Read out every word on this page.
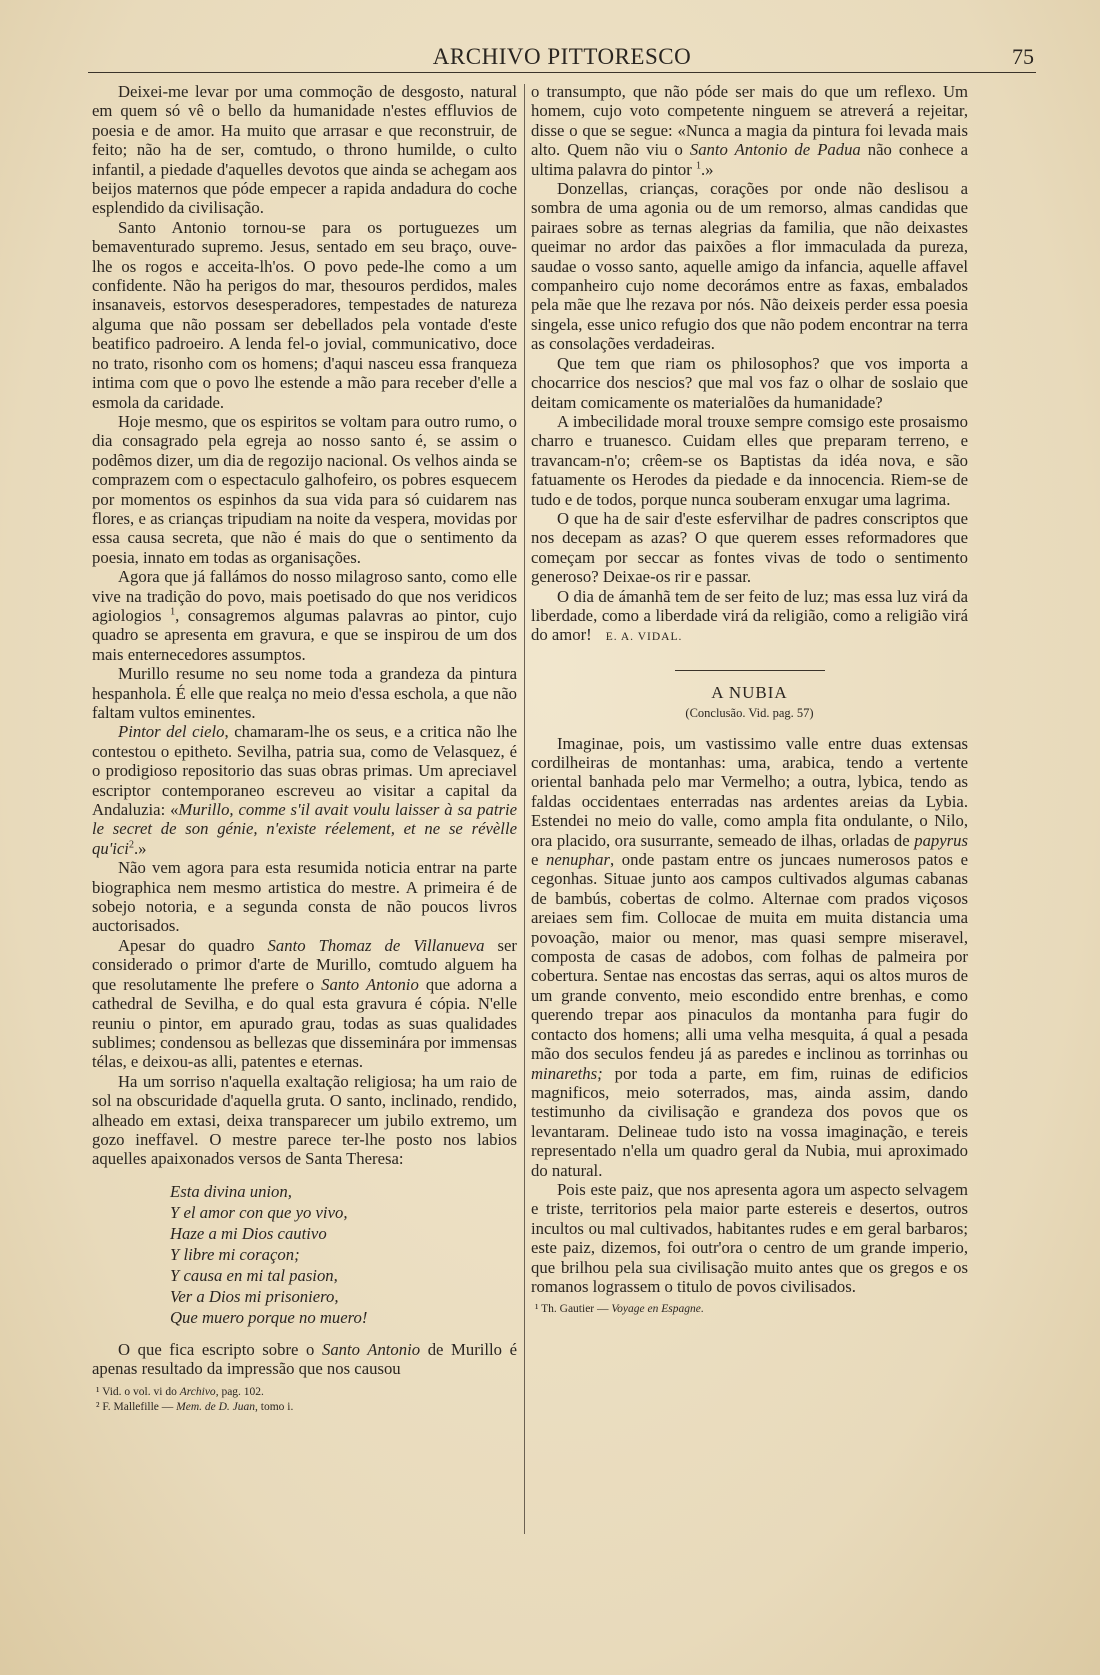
ARCHIVO PITTORESCO	75

Deixei-me levar por uma commoção de desgosto, natural em quem só vê o bello da humanidade n'estes effluvios de poesia e de amor. Ha muito que arrasar e que reconstruir, de feito; não ha de ser, comtudo, o throno humilde, o culto infantil, a piedade d'aquelles devotos que ainda se achegam aos beijos maternos que póde empecer a rapida andadura do coche esplendido da civilisação.

Santo Antonio tornou-se para os portuguezes um bemaventurado supremo. Jesus, sentado em seu braço, ouve-lhe os rogos e acceita-lh'os. O povo pede-lhe como a um confidente. Não ha perigos do mar, thesouros perdidos, males insanaveis, estorvos desesperadores, tempestades de natureza alguma que não possam ser debellados pela vontade d'este beatifico padroeiro. A lenda fel-o jovial, communicativo, doce no trato, risonho com os homens; d'aqui nasceu essa franqueza intima com que o povo lhe estende a mão para receber d'elle a esmola da caridade.

Hoje mesmo, que os espiritos se voltam para outro rumo, o dia consagrado pela egreja ao nosso santo é, se assim o podêmos dizer, um dia de regozijo nacional. Os velhos ainda se comprazem com o espectaculo galhofeiro, os pobres esquecem por momentos os espinhos da sua vida para só cuidarem nas flores, e as crianças tripudiam na noite da vespera, movidas por essa causa secreta, que não é mais do que o sentimento da poesia, innato em todas as organisações.

Agora que já fallámos do nosso milagroso santo, como elle vive na tradição do povo, mais poetisado do que nos veridicos agiologios $^1$, consagremos algumas palavras ao pintor, cujo quadro se apresenta em gravura, e que se inspirou de um dos mais enternecedores assumptos.

Murillo resume no seu nome toda a grandeza da pintura hespanhola. É elle que realça no meio d'essa eschola, a que não faltam vultos eminentes.

Pintor del cielo, chamaram-lhe os seus, e a critica não lhe contestou o epitheto. Sevilha, patria sua, como de Velasquez, é o prodigioso repositorio das suas obras primas. Um apreciavel escriptor contemporaneo escreveu ao visitar a capital da Andaluzia: «Murillo, comme s'il avait voulu laisser à sa patrie le secret de son génie, n'existe réelement, et ne se révèlle qu'ici$^2$.»

Não vem agora para esta resumida noticia entrar na parte biographica nem mesmo artistica do mestre. A primeira é de sobejo notoria, e a segunda consta de não poucos livros auctorisados.

Apesar do quadro Santo Thomaz de Villanueva ser considerado o primor d'arte de Murillo, comtudo alguem ha que resolutamente lhe prefere o Santo Antonio que adorna a cathedral de Sevilha, e do qual esta gravura é cópia. N'elle reuniu o pintor, em apurado grau, todas as suas qualidades sublimes; condensou as bellezas que disseminára por immensas télas, e deixou-as alli, patentes e eternas.

Ha um sorriso n'aquella exaltação religiosa; ha um raio de sol na obscuridade d'aquella gruta. O santo, inclinado, rendido, alheado em extasi, deixa transparecer um jubilo extremo, um gozo ineffavel. O mestre parece ter-lhe posto nos labios aquelles apaixonados versos de Santa Theresa:

Esta divina union,
Y el amor con que yo vivo,
Haze a mi Dios cautivo
Y libre mi coraçon;
Y causa en mi tal pasion,
Ver a Dios mi prisoniero,
Que muero porque no muero!

O que fica escripto sobre o Santo Antonio de Murillo é apenas resultado da impressão que nos causou

¹ Vid. o vol. vi do Archivo, pag. 102.
² F. Mallefille — Mem. de D. Juan, tomo i.

o transumpto, que não póde ser mais do que um reflexo. Um homem, cujo voto competente ninguem se atreverá a rejeitar, disse o que se segue: «Nunca a magia da pintura foi levada mais alto. Quem não viu o Santo Antonio de Padua não conhece a ultima palavra do pintor $^1$.»

Donzellas, crianças, corações por onde não deslisou a sombra de uma agonia ou de um remorso, almas candidas que pairaes sobre as ternas alegrias da familia, que não deixastes queimar no ardor das paixões a flor immaculada da pureza, saudae o vosso santo, aquelle amigo da infancia, aquelle affavel companheiro cujo nome decorámos entre as faxas, embalados pela mãe que lhe rezava por nós. Não deixeis perder essa poesia singela, esse unico refugio dos que não podem encontrar na terra as consolações verdadeiras.

Que tem que riam os philosophos? que vos importa a chocarrice dos nescios? que mal vos faz o olhar de soslaio que deitam comicamente os materialões da humanidade?

A imbecilidade moral trouxe sempre comsigo este prosaismo charro e truanesco. Cuidam elles que preparam terreno, e travancam-n'o; crêem-se os Baptistas da idéa nova, e são fatuamente os Herodes da piedade e da innocencia. Riem-se de tudo e de todos, porque nunca souberam enxugar uma lagrima.

O que ha de sair d'este esfervilhar de padres conscriptos que nos decepam as azas? O que querem esses reformadores que começam por seccar as fontes vivas de todo o sentimento generoso? Deixae-os rir e passar.

O dia de ámanhã tem de ser feito de luz; mas essa luz virá da liberdade, como a liberdade virá da religião, como a religião virá do amor! E. A. VIDAL.

A NUBIA
(Conclusão. Vid. pag. 57)

Imaginae, pois, um vastissimo valle entre duas extensas cordilheiras de montanhas: uma, arabica, tendo a vertente oriental banhada pelo mar Vermelho; a outra, lybica, tendo as faldas occidentaes enterradas nas ardentes areias da Lybia. Estendei no meio do valle, como ampla fita ondulante, o Nilo, ora placido, ora susurrante, semeado de ilhas, orladas de papyrus e nenuphar, onde pastam entre os juncaes numerosos patos e cegonhas. Situae junto aos campos cultivados algumas cabanas de bambús, cobertas de colmo. Alternae com prados viçosos areiaes sem fim. Collocae de muita em muita distancia uma povoação, maior ou menor, mas quasi sempre miseravel, composta de casas de adobos, com folhas de palmeira por cobertura. Sentae nas encostas das serras, aqui os altos muros de um grande convento, meio escondido entre brenhas, e como querendo trepar aos pinaculos da montanha para fugir do contacto dos homens; alli uma velha mesquita, á qual a pesada mão dos seculos fendeu já as paredes e inclinou as torrinhas ou minareths; por toda a parte, em fim, ruinas de edificios magnificos, meio soterrados, mas, ainda assim, dando testimunho da civilisação e grandeza dos povos que os levantaram. Delineae tudo isto na vossa imaginação, e tereis representado n'ella um quadro geral da Nubia, mui aproximado do natural.

Pois este paiz, que nos apresenta agora um aspecto selvagem e triste, territorios pela maior parte estereis e desertos, outros incultos ou mal cultivados, habitantes rudes e em geral barbaros; este paiz, dizemos, foi outr'ora o centro de um grande imperio, que brilhou pela sua civilisação muito antes que os gregos e os romanos lograssem o titulo de povos civilisados.

¹ Th. Gautier — Voyage en Espagne.
